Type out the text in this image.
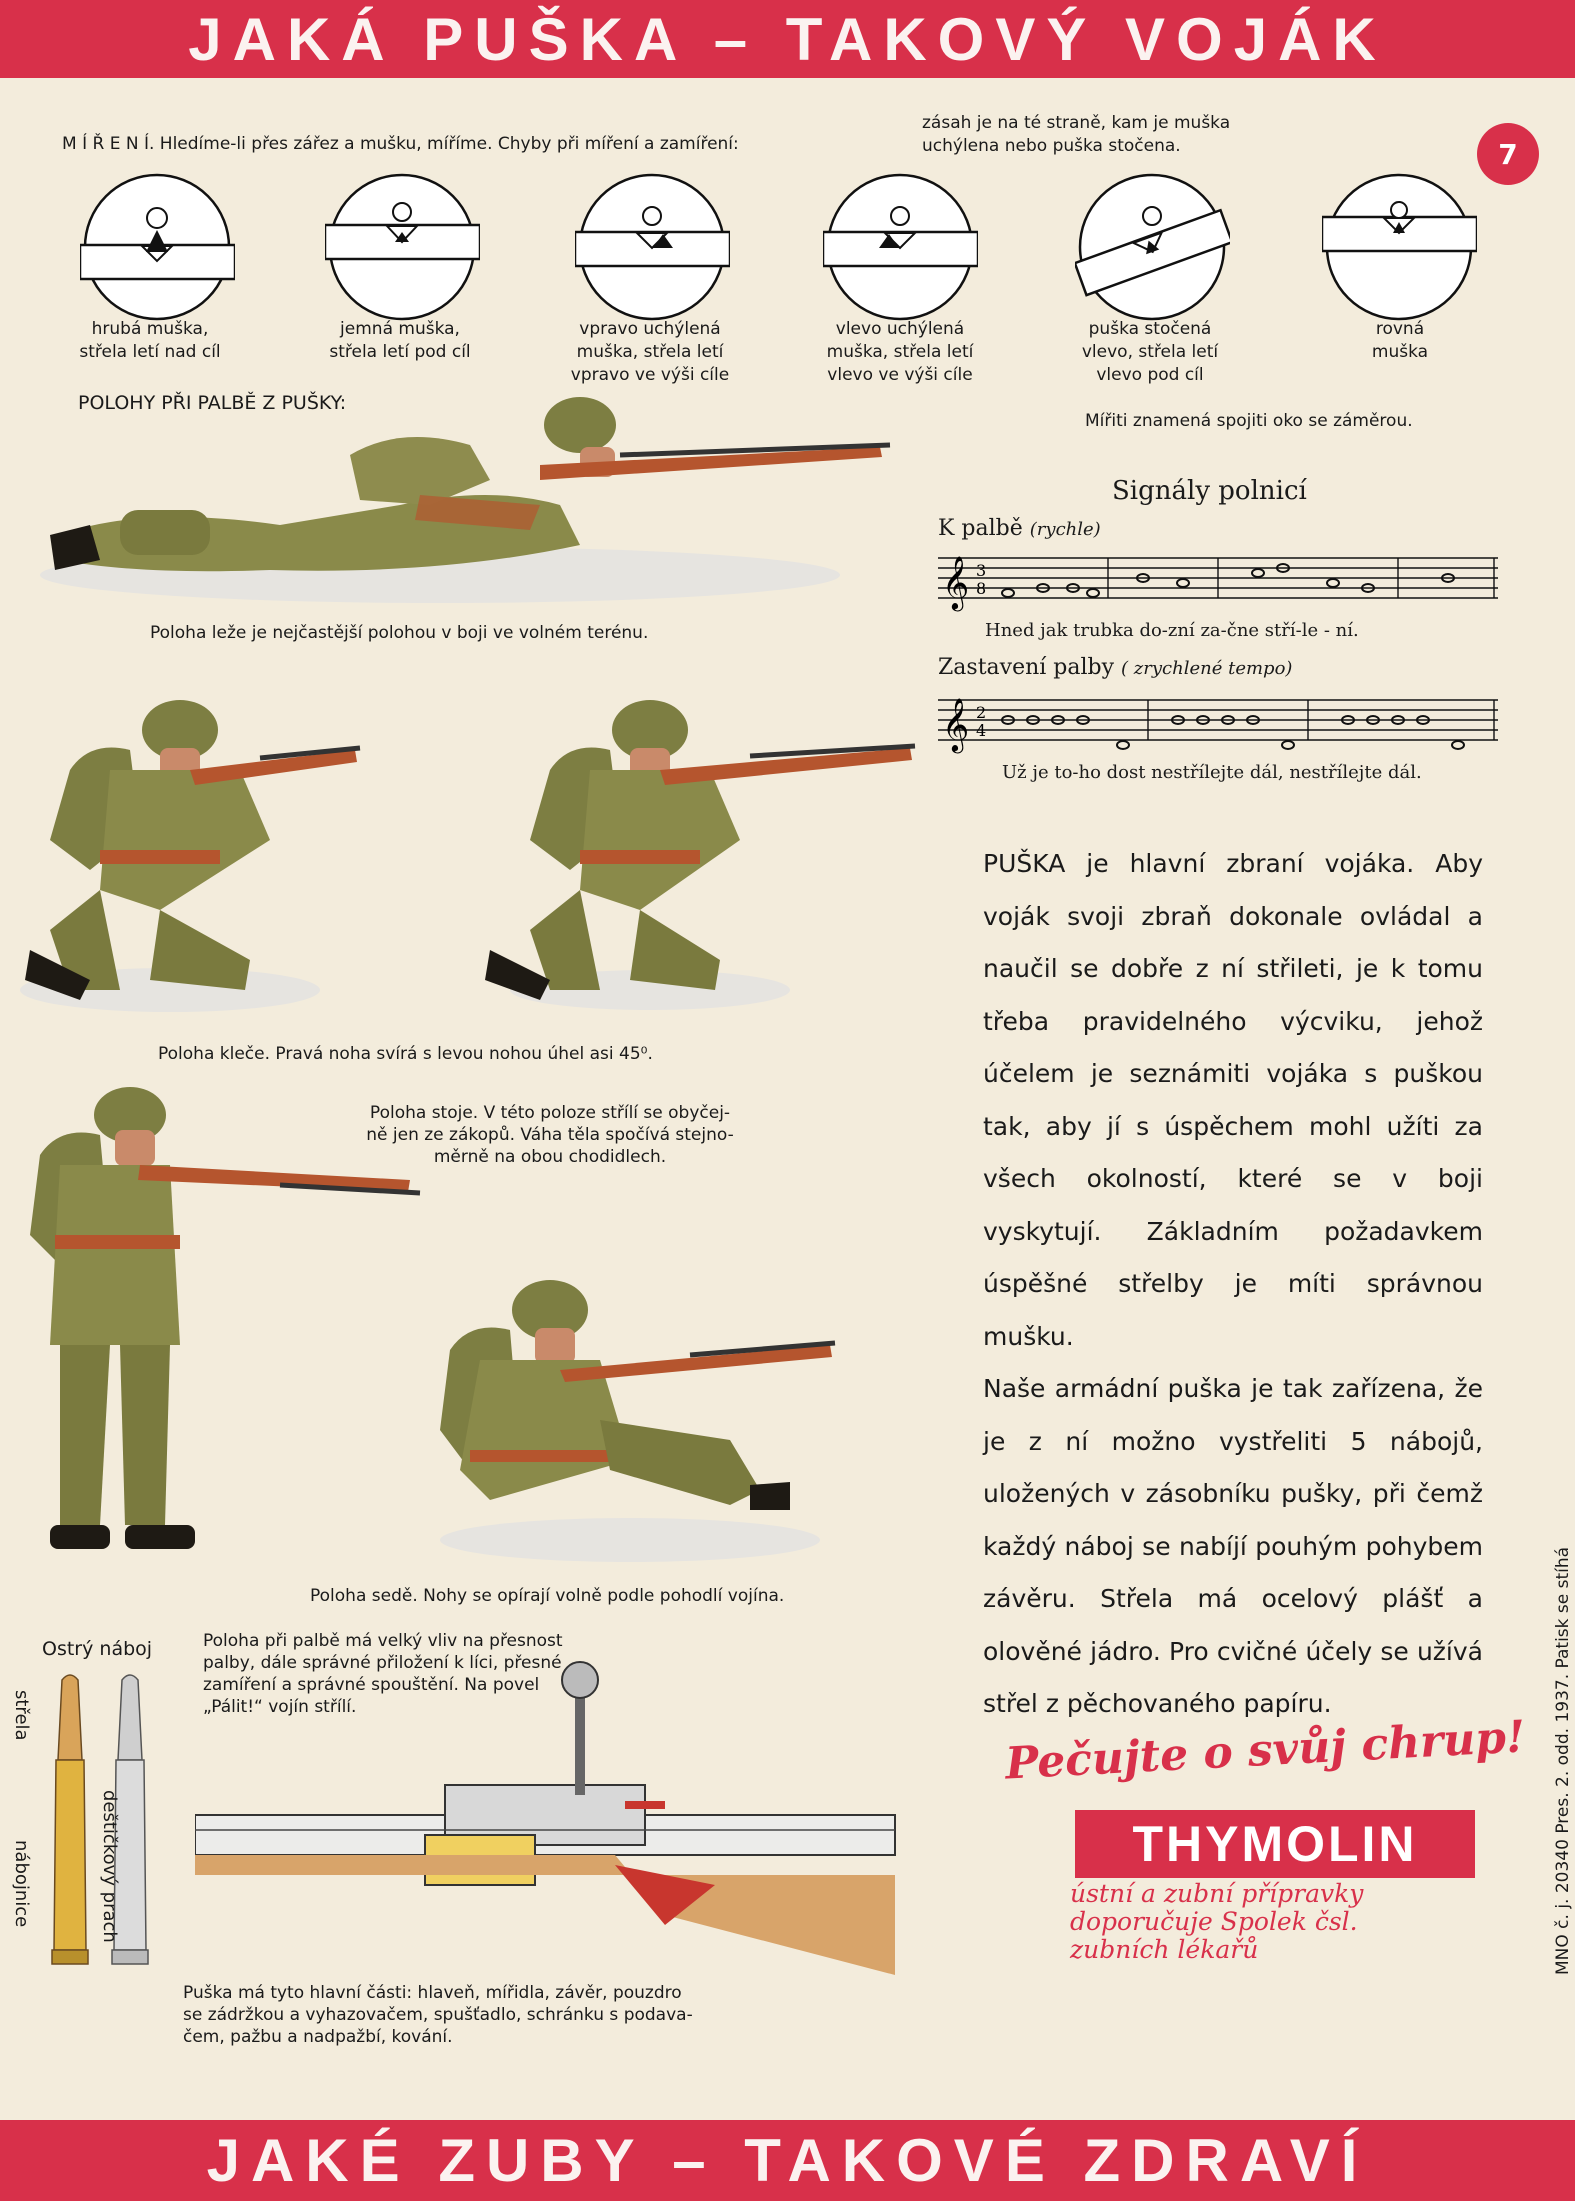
JAKÁ PUŠKA – TAKOVÝ VOJÁK
7
M Í Ř E N Í. Hledíme-li přes zářez a mušku, míříme. Chyby při míření a zamíření:
zásah je na té straně, kam je muška
uchýlena nebo puška stočena.
hrubá muška,
střela letí nad cíl
jemná muška,
střela letí pod cíl
vpravo uchýlená
muška, střela letí
vpravo ve výši cíle
vlevo uchýlená
muška, střela letí
vlevo ve výši cíle
puška stočená
vlevo, střela letí
vlevo pod cíl
rovná
muška
Mířiti znamená spojiti oko se záměrou.
POLOHY PŘI PALBĚ Z PUŠKY:
Poloha leže je nejčastější polohou v boji ve volném terénu.
Poloha kleče. Pravá noha svírá s levou nohou úhel asi 45⁰.
Poloha stoje. V této poloze střílí se obyčej-
ně jen ze zákopů. Váha těla spočívá stejno-
měrně na obou chodidlech.
Poloha sedě. Nohy se opírají volně podle pohodlí vojína.
Poloha při palbě má velký vliv na přesnost
palby, dále správné přiložení k líci, přesné
zamíření a správné spouštění. Na povel
„Pálit!“ vojín střílí.
Ostrý náboj
střela
nábojnice	deštičkový prach
Puška má tyto hlavní části: hlaveň, mířidla, závěr, pouzdro
se zádržkou a vyhazovačem, spušťadlo, schránku s podava-
čem, pažbu a nadpažbí, kování.
Signály polnicí
K palbě (rychle)
𝄞 3
8
Hned jak trubka do-zní za-čne stří-le - ní.
Zastavení palby ( zrychlené tempo)
𝄞 2
4
Už je to-ho dost nestřílejte dál, nestřílejte dál.

PUŠKA je hlavní zbraní vojáka. Aby voják svoji zbraň dokonale ovládal a naučil se dobře z ní střileti, je k tomu třeba pravidelného výcviku, jehož účelem je seznámiti vojáka s puškou tak, aby jí s úspěchem mohl užíti za všech okolností, které se v boji vyskytují. Základním požadavkem úspěšné střelby je míti správnou mušku.

Naše armádní puška je tak zařízena, že je z ní možno vystřeliti 5 nábojů, uložených v zásobníku pušky, při čemž každý náboj se nabíjí pouhým pohybem závěru. Střela má ocelový plášť a olověné jádro. Pro cvičné účely se užívá střel z pěchovaného papíru.

Pečujte o svůj chrup!
THYMOLIN
ústní a zubní přípravky
doporučuje Spolek čsl.
zubních lékařů	MNO č. j. 20340 Pres. 2. odd. 1937. Patisk se stíhá
JAKÉ ZUBY – TAKOVÉ ZDRAVÍ
